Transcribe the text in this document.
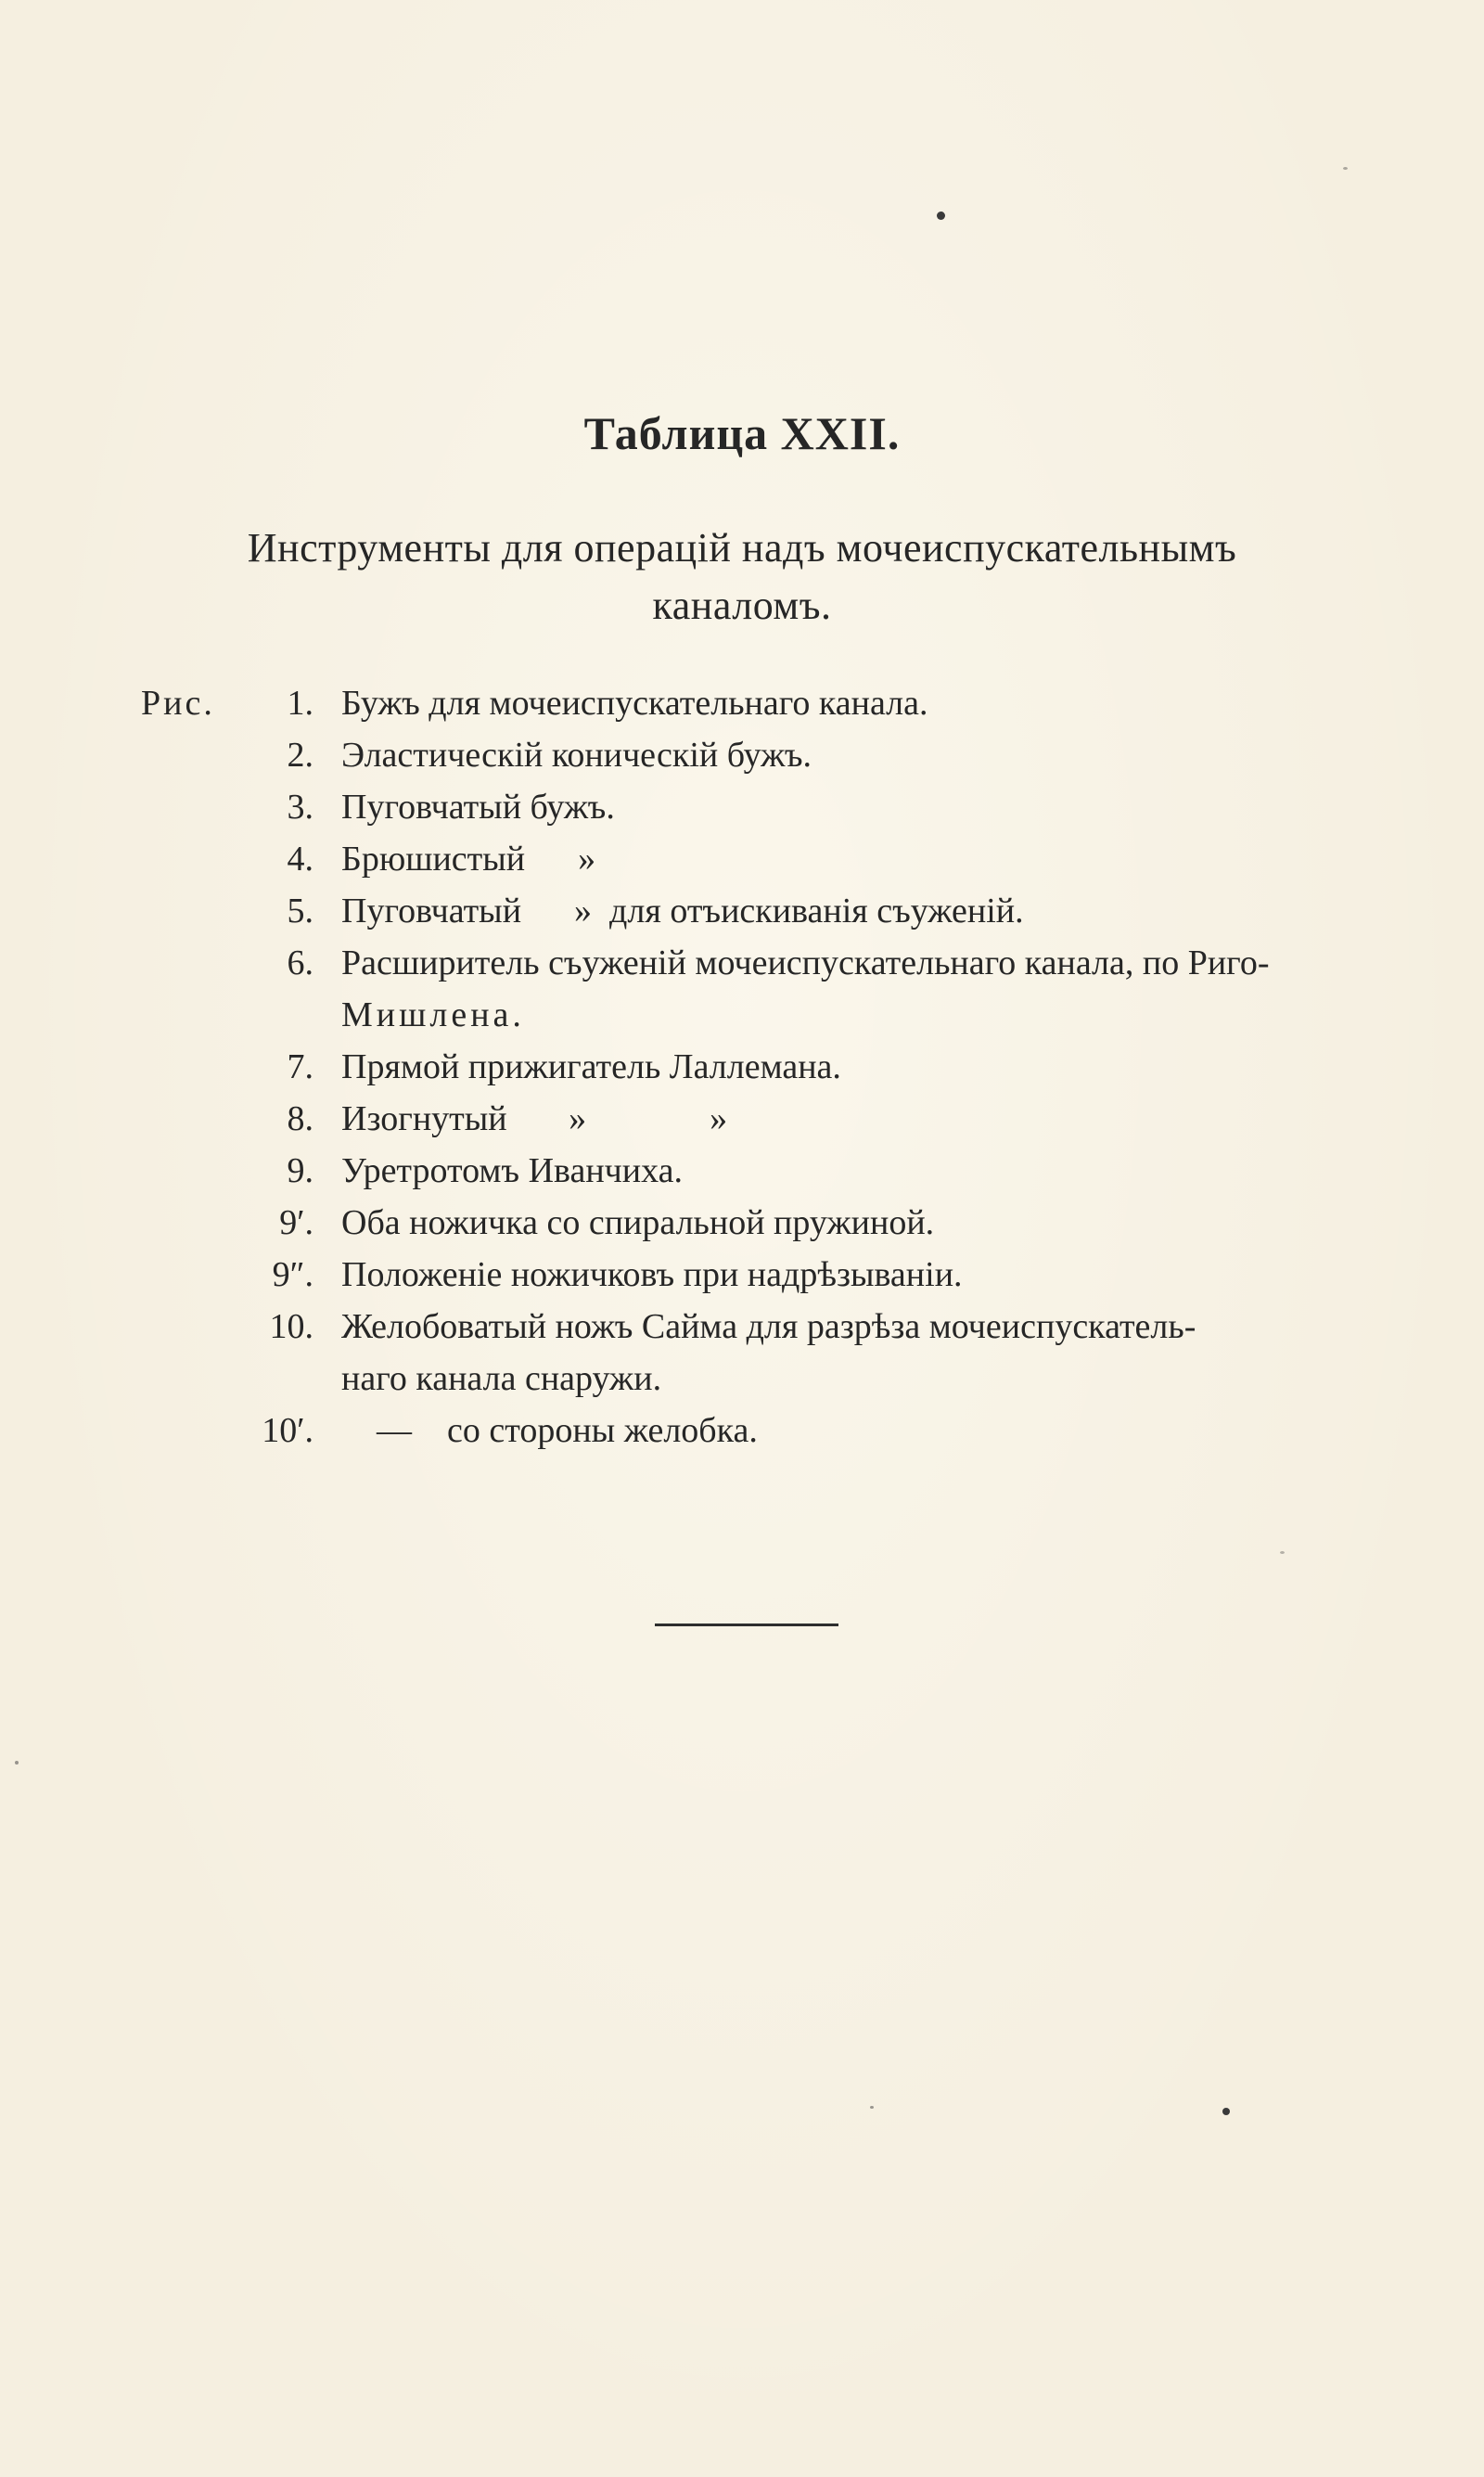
Таблица XXII.
Инструменты для операцій надъ мочеиспускательнымъ
каналомъ.
Рис. 1. Бужъ для мочеиспускательнаго канала.
2. Эластическій коническій бужъ.
3. Пуговчатый бужъ.
4. Брюшистый      »
5. Пуговчатый      »  для отъискиванія съуженій.
6. Расширитель съуженій мочеиспускательнаго канала, по Риго-
Мишлена.
7. Прямой прижигатель Лаллемана.
8. Изогнутый       »              »
9. Уретротомъ Иванчиха.
9′. Оба ножичка со спиральной пружиной.
9″. Положеніе ножичковъ при надрѣзываніи.
10. Желобоватый ножъ Сайма для разрѣза мочеиспускатель-
наго канала снаружи.
10′. —    со стороны желобка.
